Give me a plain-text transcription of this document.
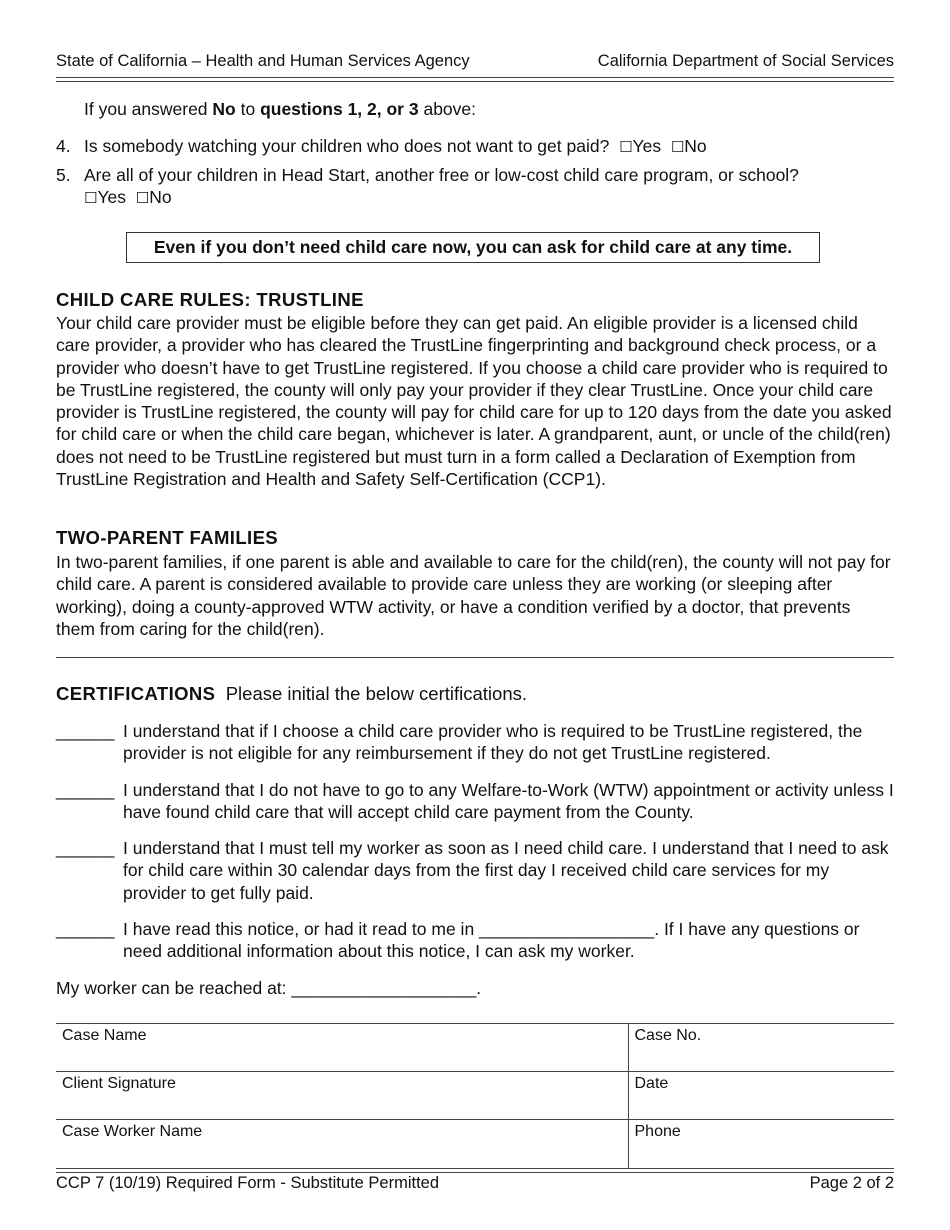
State of California – Health and Human Services Agency	California Department of Social Services
If you answered No to questions 1, 2, or 3 above:
4. Is somebody watching your children who does not want to get paid? ☐Yes ☐No
5. Are all of your children in Head Start, another free or low-cost child care program, or school?
☐Yes ☐No
Even if you don’t need child care now, you can ask for child care at any time.
CHILD CARE RULES: TRUSTLINE
Your child care provider must be eligible before they can get paid. An eligible provider is a licensed child care provider, a provider who has cleared the TrustLine fingerprinting and background check process, or a provider who doesn’t have to get TrustLine registered. If you choose a child care provider who is required to be TrustLine registered, the county will only pay your provider if they clear TrustLine. Once your child care provider is TrustLine registered, the county will pay for child care for up to 120 days from the date you asked for child care or when the child care began, whichever is later. A grandparent, aunt, or uncle of the child(ren) does not need to be TrustLine registered but must turn in a form called a Declaration of Exemption from TrustLine Registration and Health and Safety Self-Certification (CCP1).
TWO-PARENT FAMILIES
In two-parent families, if one parent is able and available to care for the child(ren), the county will not pay for child care. A parent is considered available to provide care unless they are working (or sleeping after working), doing a county-approved WTW activity, or have a condition verified by a doctor, that prevents them from caring for the child(ren).
CERTIFICATIONS Please initial the below certifications.
______ I understand that if I choose a child care provider who is required to be TrustLine registered, the provider is not eligible for any reimbursement if they do not get TrustLine registered.
______ I understand that I do not have to go to any Welfare-to-Work (WTW) appointment or activity unless I have found child care that will accept child care payment from the County.
______ I understand that I must tell my worker as soon as I need child care. I understand that I need to ask for child care within 30 calendar days from the first day I received child care services for my provider to get fully paid.
______ I have read this notice, or had it read to me in __________________. If I have any questions or need additional information about this notice, I can ask my worker.
My worker can be reached at: ___________________.
Case Name	Case No.
Client Signature	Date
Case Worker Name	Phone
CCP 7 (10/19) Required Form - Substitute Permitted	Page 2 of 2
